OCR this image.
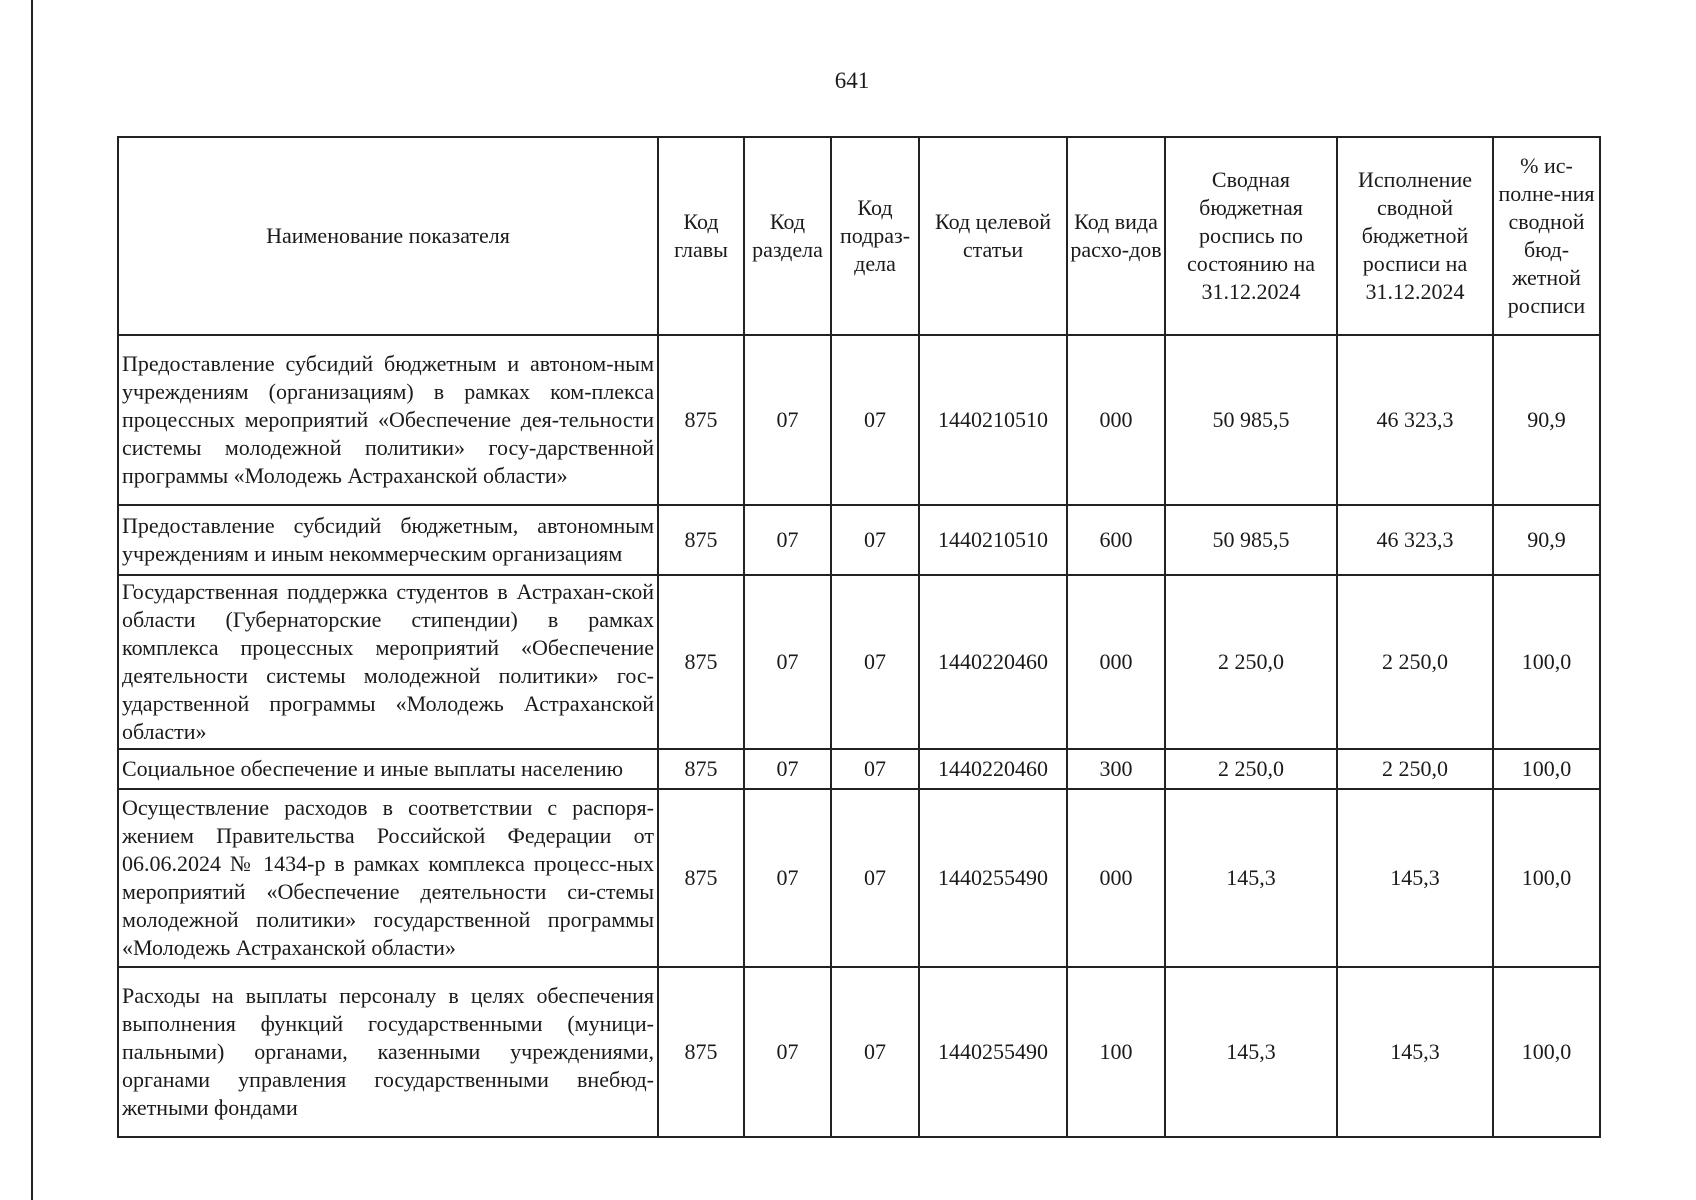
641
Наименование показателя	Код главы	Код раздела	Код подраз-дела	Код целевой статьи	Код вида расхо-дов	Сводная бюджетная роспись по состоянию на 31.12.2024	Исполнение сводной бюджетной росписи на 31.12.2024	% ис-полне-ния сводной бюд-жетной росписи
Предоставление субсидий бюджетным и автоном-ным учреждениям (организациям) в рамках ком-плекса процессных мероприятий «Обеспечение дея-тельности системы молодежной политики» госу-дарственной программы «Молодежь Астраханской области»	875	07	07	1440210510	000	50 985,5	46 323,3	90,9
Предоставление субсидий бюджетным, автономным учреждениям и иным некоммерческим организациям	875	07	07	1440210510	600	50 985,5	46 323,3	90,9
Государственная поддержка студентов в Астрахан-ской области (Губернаторские стипендии) в рамках комплекса процессных мероприятий «Обеспечение деятельности системы молодежной политики» гос-ударственной программы «Молодежь Астраханской области»	875	07	07	1440220460	000	2 250,0	2 250,0	100,0
Социальное обеспечение и иные выплаты населению	875	07	07	1440220460	300	2 250,0	2 250,0	100,0
Осуществление расходов в соответствии с распоря-жением Правительства Российской Федерации от 06.06.2024 № 1434-р в рамках комплекса процесс-ных мероприятий «Обеспечение деятельности си-стемы молодежной политики» государственной программы «Молодежь Астраханской области»	875	07	07	1440255490	000	145,3	145,3	100,0
Расходы на выплаты персоналу в целях обеспечения выполнения функций государственными (муници-пальными) органами, казенными учреждениями, органами управления государственными внебюд-жетными фондами	875	07	07	1440255490	100	145,3	145,3	100,0
